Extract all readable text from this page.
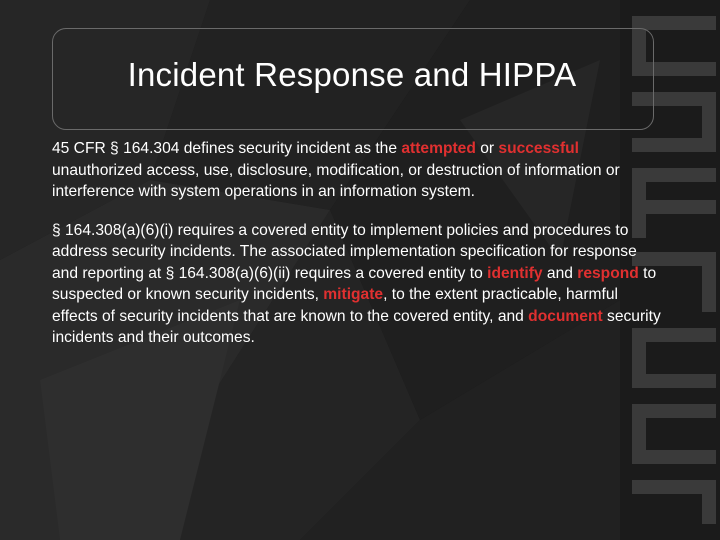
Incident Response and HIPPA

45 CFR § 164.304 defines security incident as the attempted or successful unauthorized access, use, disclosure, modification, or destruction of information or interference with system operations in an information system.

§ 164.308(a)(6)(i) requires a covered entity to implement policies and procedures to address security incidents. The associated implementation specification for response and reporting at § 164.308(a)(6)(ii) requires a covered entity to identify and respond to suspected or known security incidents, mitigate, to the extent practicable, harmful effects of security incidents that are known to the covered entity, and document security incidents and their outcomes.
